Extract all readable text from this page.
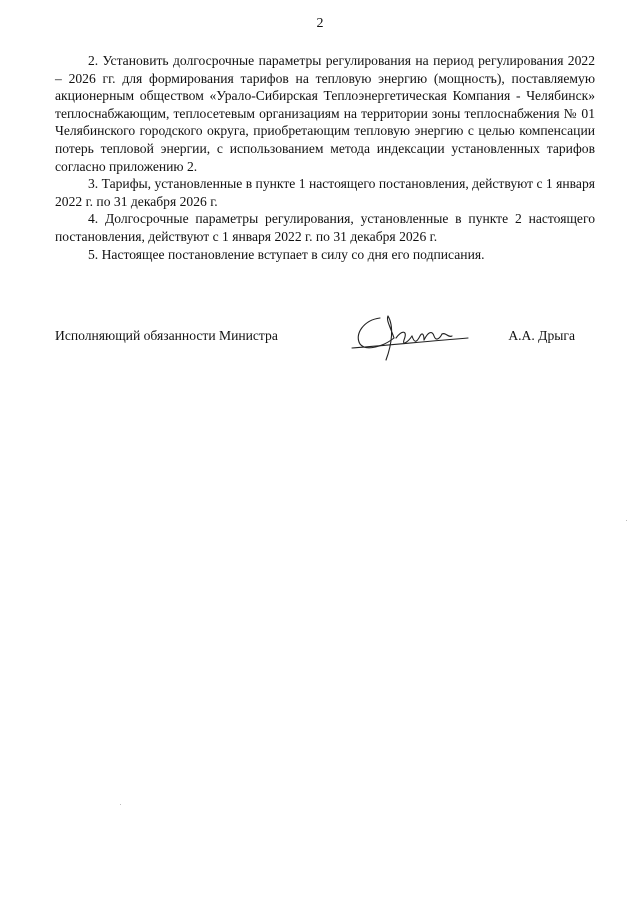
2

2. Установить долгосрочные параметры регулирования на период регулирования 2022 – 2026 гг. для формирования тарифов на тепловую энергию (мощность), поставляемую акционерным обществом «Урало-Сибирская Теплоэнергетическая Компания - Челябинск» теплоснабжающим, теплосетевым организациям на территории зоны теплоснабжения № 01 Челябинского городского округа, приобретающим тепловую энергию с целью компенсации потерь тепловой энергии, с использованием метода индексации установленных тарифов согласно приложению 2.

3. Тарифы, установленные в пункте 1 настоящего постановления, действуют с 1 января 2022 г. по 31 декабря 2026 г.

4. Долгосрочные параметры регулирования, установленные в пункте 2 настоящего постановления, действуют с 1 января 2022 г. по 31 декабря 2026 г.

5. Настоящее постановление вступает в силу со дня его подписания.

Исполняющий обязанности Министра	А.А. Дрыга
